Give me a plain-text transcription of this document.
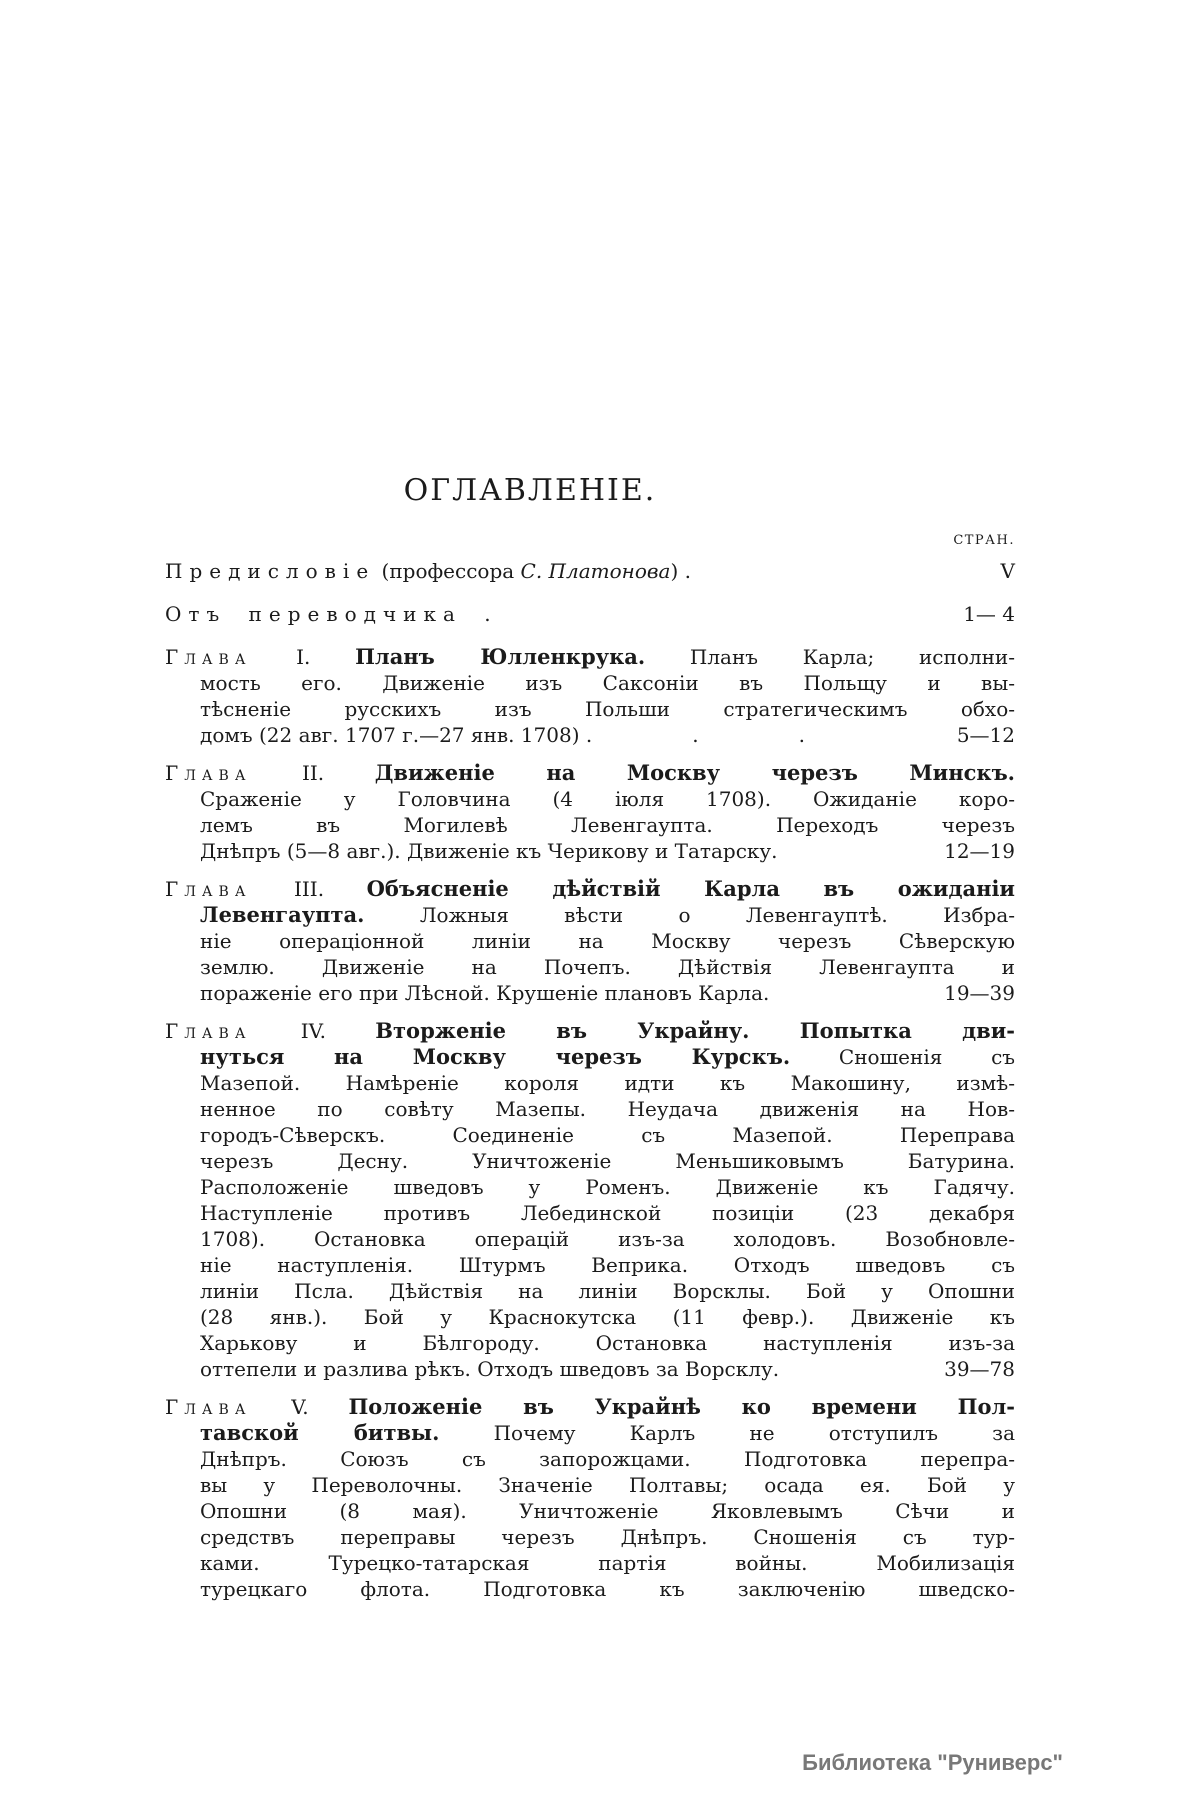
ОГЛАВЛЕНІЕ.
СТРАН.
V
Предисловіе (профессора С. Платонова) .
1— 4
Отъ переводчика .
Глава I. Планъ Юлленкрука. Планъ Карла; исполни-
мость его. Движеніе изъ Саксоніи въ Польщу и вы-
тѣсненіе русскихъ изъ Польши стратегическимъ обхо-
5—12
домъ (22 авг. 1707 г.—27 янв. 1708) .     .     .
Глава II. Движеніе на Москву черезъ Минскъ.
Сраженіе у Головчина (4 іюля 1708). Ожиданіе коро-
лемъ въ Могилевѣ Левенгаупта. Переходъ черезъ
12—19
Днѣпръ (5—8 авг.). Движеніе къ Черикову и Татарску.
Глава III. Объясненіе дѣйствій Карла въ ожиданіи
Левенгаупта. Ложныя вѣсти о Левенгауптѣ. Избра-
ніе операціонной линіи на Москву черезъ Сѣверскую
землю. Движеніе на Почепъ. Дѣйствія Левенгаупта и
19—39
пораженіе его при Лѣсной. Крушеніе плановъ Карла.
Глава IV. Вторженіе въ Украйну. Попытка дви-
нуться на Москву черезъ Курскъ. Сношенія съ
Мазепой. Намѣреніе короля идти къ Макошину, измѣ-
ненное по совѣту Мазепы. Неудача движенія на Нов-
городъ-Сѣверскъ. Соединеніе съ Мазепой. Переправа
черезъ Десну. Уничтоженіе Меньшиковымъ Батурина.
Расположеніе шведовъ у Роменъ. Движеніе къ Гадячу.
Наступленіе противъ Лебединской позиціи (23 декабря
1708). Остановка операцій изъ-за холодовъ. Возобновле-
ніе наступленія. Штурмъ Веприка. Отходъ шведовъ съ
линіи Псла. Дѣйствія на линіи Ворсклы. Бой у Опошни
(28 янв.). Бой у Краснокутска (11 февр.). Движеніе къ
Харькову и Бѣлгороду. Остановка наступленія изъ-за
39—78
оттепели и разлива рѣкъ. Отходъ шведовъ за Ворсклу.
Глава V. Положеніе въ Украйнѣ ко времени Пол-
тавской битвы. Почему Карлъ не отступилъ за
Днѣпръ. Союзъ съ запорожцами. Подготовка перепра-
вы у Переволочны. Значеніе Полтавы; осада ея. Бой у
Опошни (8 мая). Уничтоженіе Яковлевымъ Сѣчи и
средствъ переправы черезъ Днѣпръ. Сношенія съ тур-
ками. Турецко-татарская партія войны. Мобилизація
турецкаго флота. Подготовка къ заключенію шведско-
Библиотека "Руниверс"
